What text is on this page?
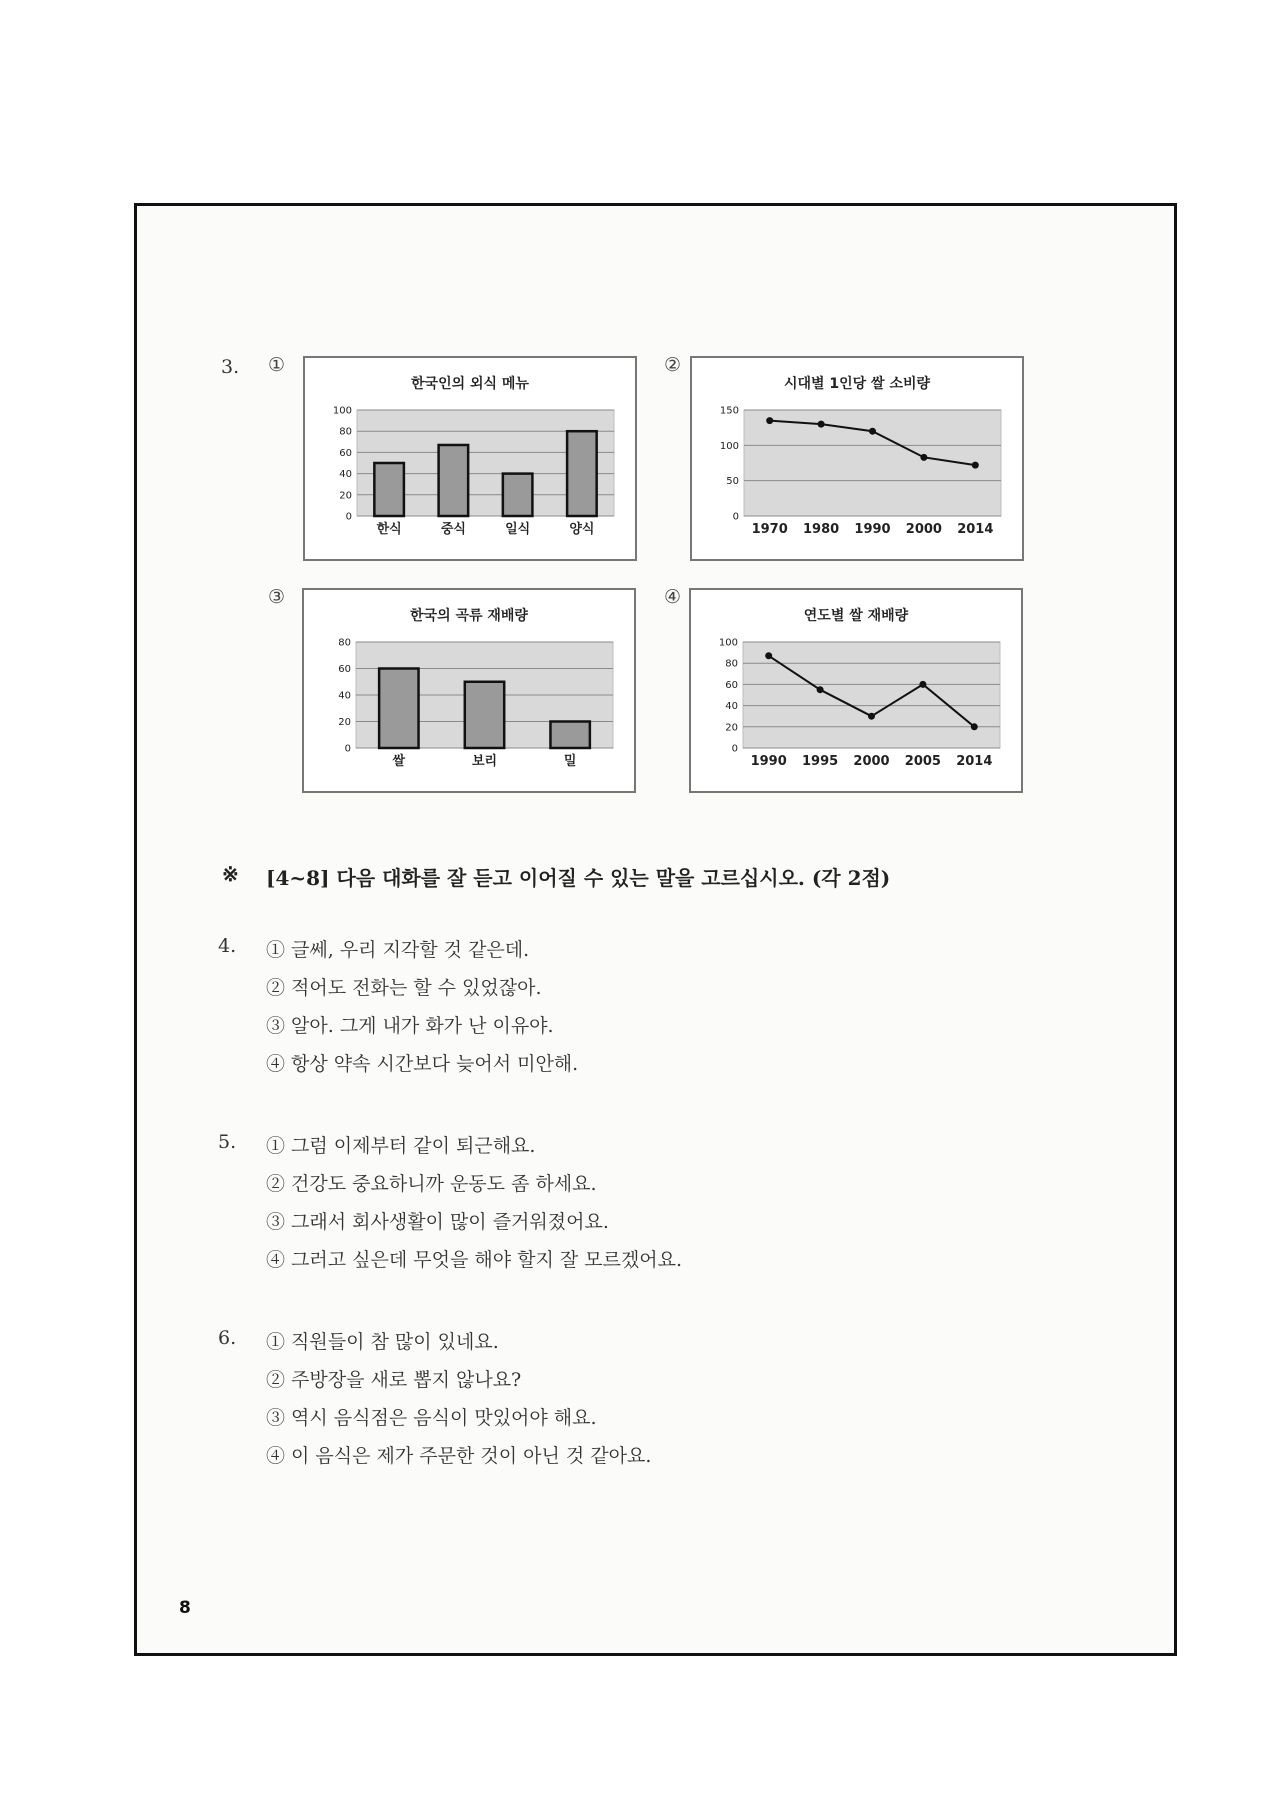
3. ①	②
③	④
한국인의 외식 메뉴
0
20
40
60
80
100
한식	중식	일식	양식
시대별 1인당 쌀 소비량
0
50
100
150
1970 1980 1990 2000 2014
한국의 곡류 재배량
0
20
40
60
80
쌀	보리	밀
연도별 쌀 재배량
0
20
40
60
80
100
1990 1995 2000 2005 2014
※ [4~8] 다음 대화를 잘 듣고 이어질 수 있는 말을 고르십시오. (각 2점)
4. ① 글쎄, 우리 지각할 것 같은데.
② 적어도 전화는 할 수 있었잖아.
③ 알아. 그게 내가 화가 난 이유야.
④ 항상 약속 시간보다 늦어서 미안해.
5. ① 그럼 이제부터 같이 퇴근해요.
② 건강도 중요하니까 운동도 좀 하세요.
③ 그래서 회사생활이 많이 즐거워졌어요.
④ 그러고 싶은데 무엇을 해야 할지 잘 모르겠어요.
6. ① 직원들이 참 많이 있네요.
② 주방장을 새로 뽑지 않나요?
③ 역시 음식점은 음식이 맛있어야 해요.
④ 이 음식은 제가 주문한 것이 아닌 것 같아요.
8
